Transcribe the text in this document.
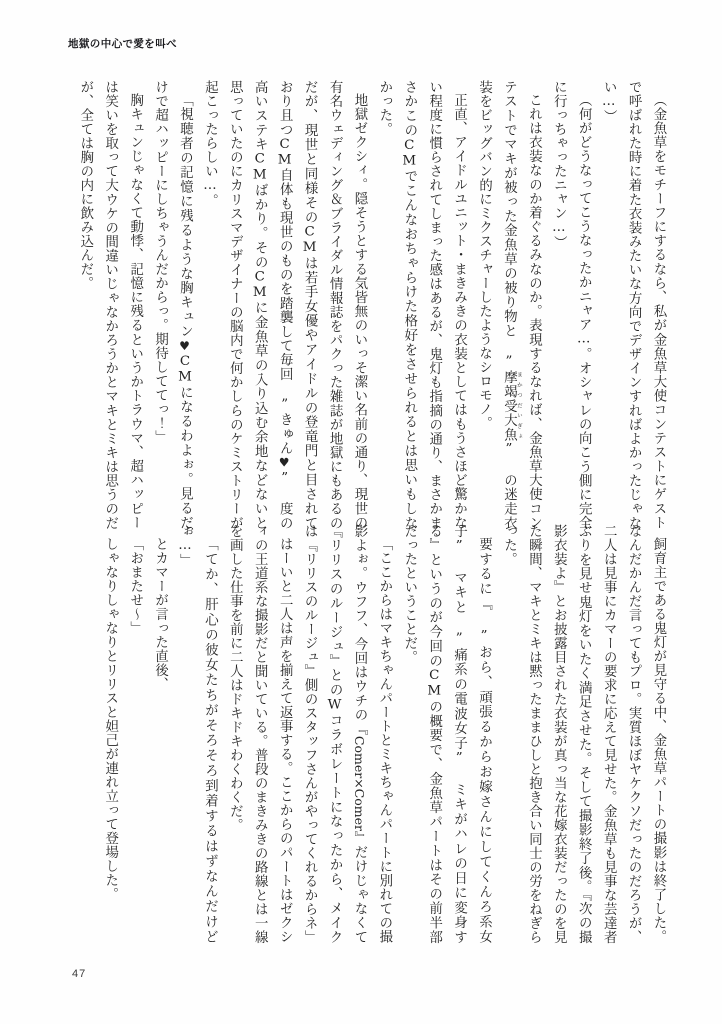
地獄の中心で愛を叫べ

（金魚草をモチーフにするなら、私が金魚草大使コンテストにゲストで呼ばれた時に着た衣装みたいな方向でデザインすればよかったじゃない…）

（何がどうなってこうなったかニャア…。オシャレの向こう側に完全に行っちゃったニャン…）

これは衣装なのか着ぐるみなのか。表現するなれば、金魚草大使コンテストでマキが被った金魚草の被り物と ”摩竭受大魚 まかつだいぎょ” の迷走衣装をビッグバン的にミクスチャーしたようなシロモノ。

正直、アイドルユニット・まきみきの衣装としてはもうさほど驚かない程度に慣らされてしまった感はあるが、鬼灯も指摘の通り、まさかまさかこのCMでこんなおちゃらけた格好をさせられるとは思いもしなかった。

地獄ゼクシィ。隠そうとする気皆無のいっそ潔い名前の通り、現世の有名ウェディング＆ブライダル情報誌をパクった雑誌が地獄にもあるのだが、現世と同様そのCMは若手女優やアイドルの登竜門と目されており且つCM自体も現世のものを踏襲して毎回 ”きゅん♥” 度の高いステキCMばかり。そのCMに金魚草の入り込む余地などないと思っていたのにカリスマデザイナーの脳内で何かしらのケミストリーが起こったらしい…。

「視聴者の記憶に残るような胸キュン♥CMになるわよぉ。見るだけで超ハッピーにしちゃうんだからっ。期待しててっ！」

胸キュンじゃなくて動悸、記憶に残るというかトラウマ、超ハッピーは笑いを取って大ウケの間違いじゃなかろうかとマキとミキは思うのだが、全ては胸の内に飲み込んだ。

飼育主である鬼灯が見守る中、金魚草パートの撮影は終了した。なんだかんだ言ってもプロ。実質ほぼヤケクソだったのだろうが、二人は見事にカマーの要求に応えて見せた。金魚草も見事な芸達者ぶりを見せ鬼灯をいたく満足させた。そして撮影終了後。『次の撮影衣装よ』とお披露目された衣装が真っ当な花嫁衣装だったのを見た瞬間、マキとミキは黙ったままひしと抱き合い同士の労をねぎらった。

要するに『 ”おら、頑張るからお嫁さんにしてくんろ系女子” マキと ”痛系の電波女子” ミキがハレの日に変身する』というのが今回のCMの概要で、金魚草パートはその前半部だったということだ。

「ここからはマキちゃんパートとミキちゃんパートに別れての撮影よぉ。ウフフ、今回はウチの『Comer×Comer』だけじゃなくて『リリスのルージュ』とのWコラボレートになったから、メイクは『リリスのルージュ』側のスタッフさんがやってくれるからネ」

はーいと二人は声を揃えて返事する。ここからのパートはゼクシィの王道系な撮影だと聞いている。普段のまきみきの路線とは一線を画した仕事を前に二人はドキドキわくわくだ。

「てか、肝心の彼女たちがそろそろ到着するはずなんだけどぉ…」

とカマーが言った直後、

「おまたせ～」

しゃなりしゃなりとリリスと妲己が連れ立って登場した。

47
